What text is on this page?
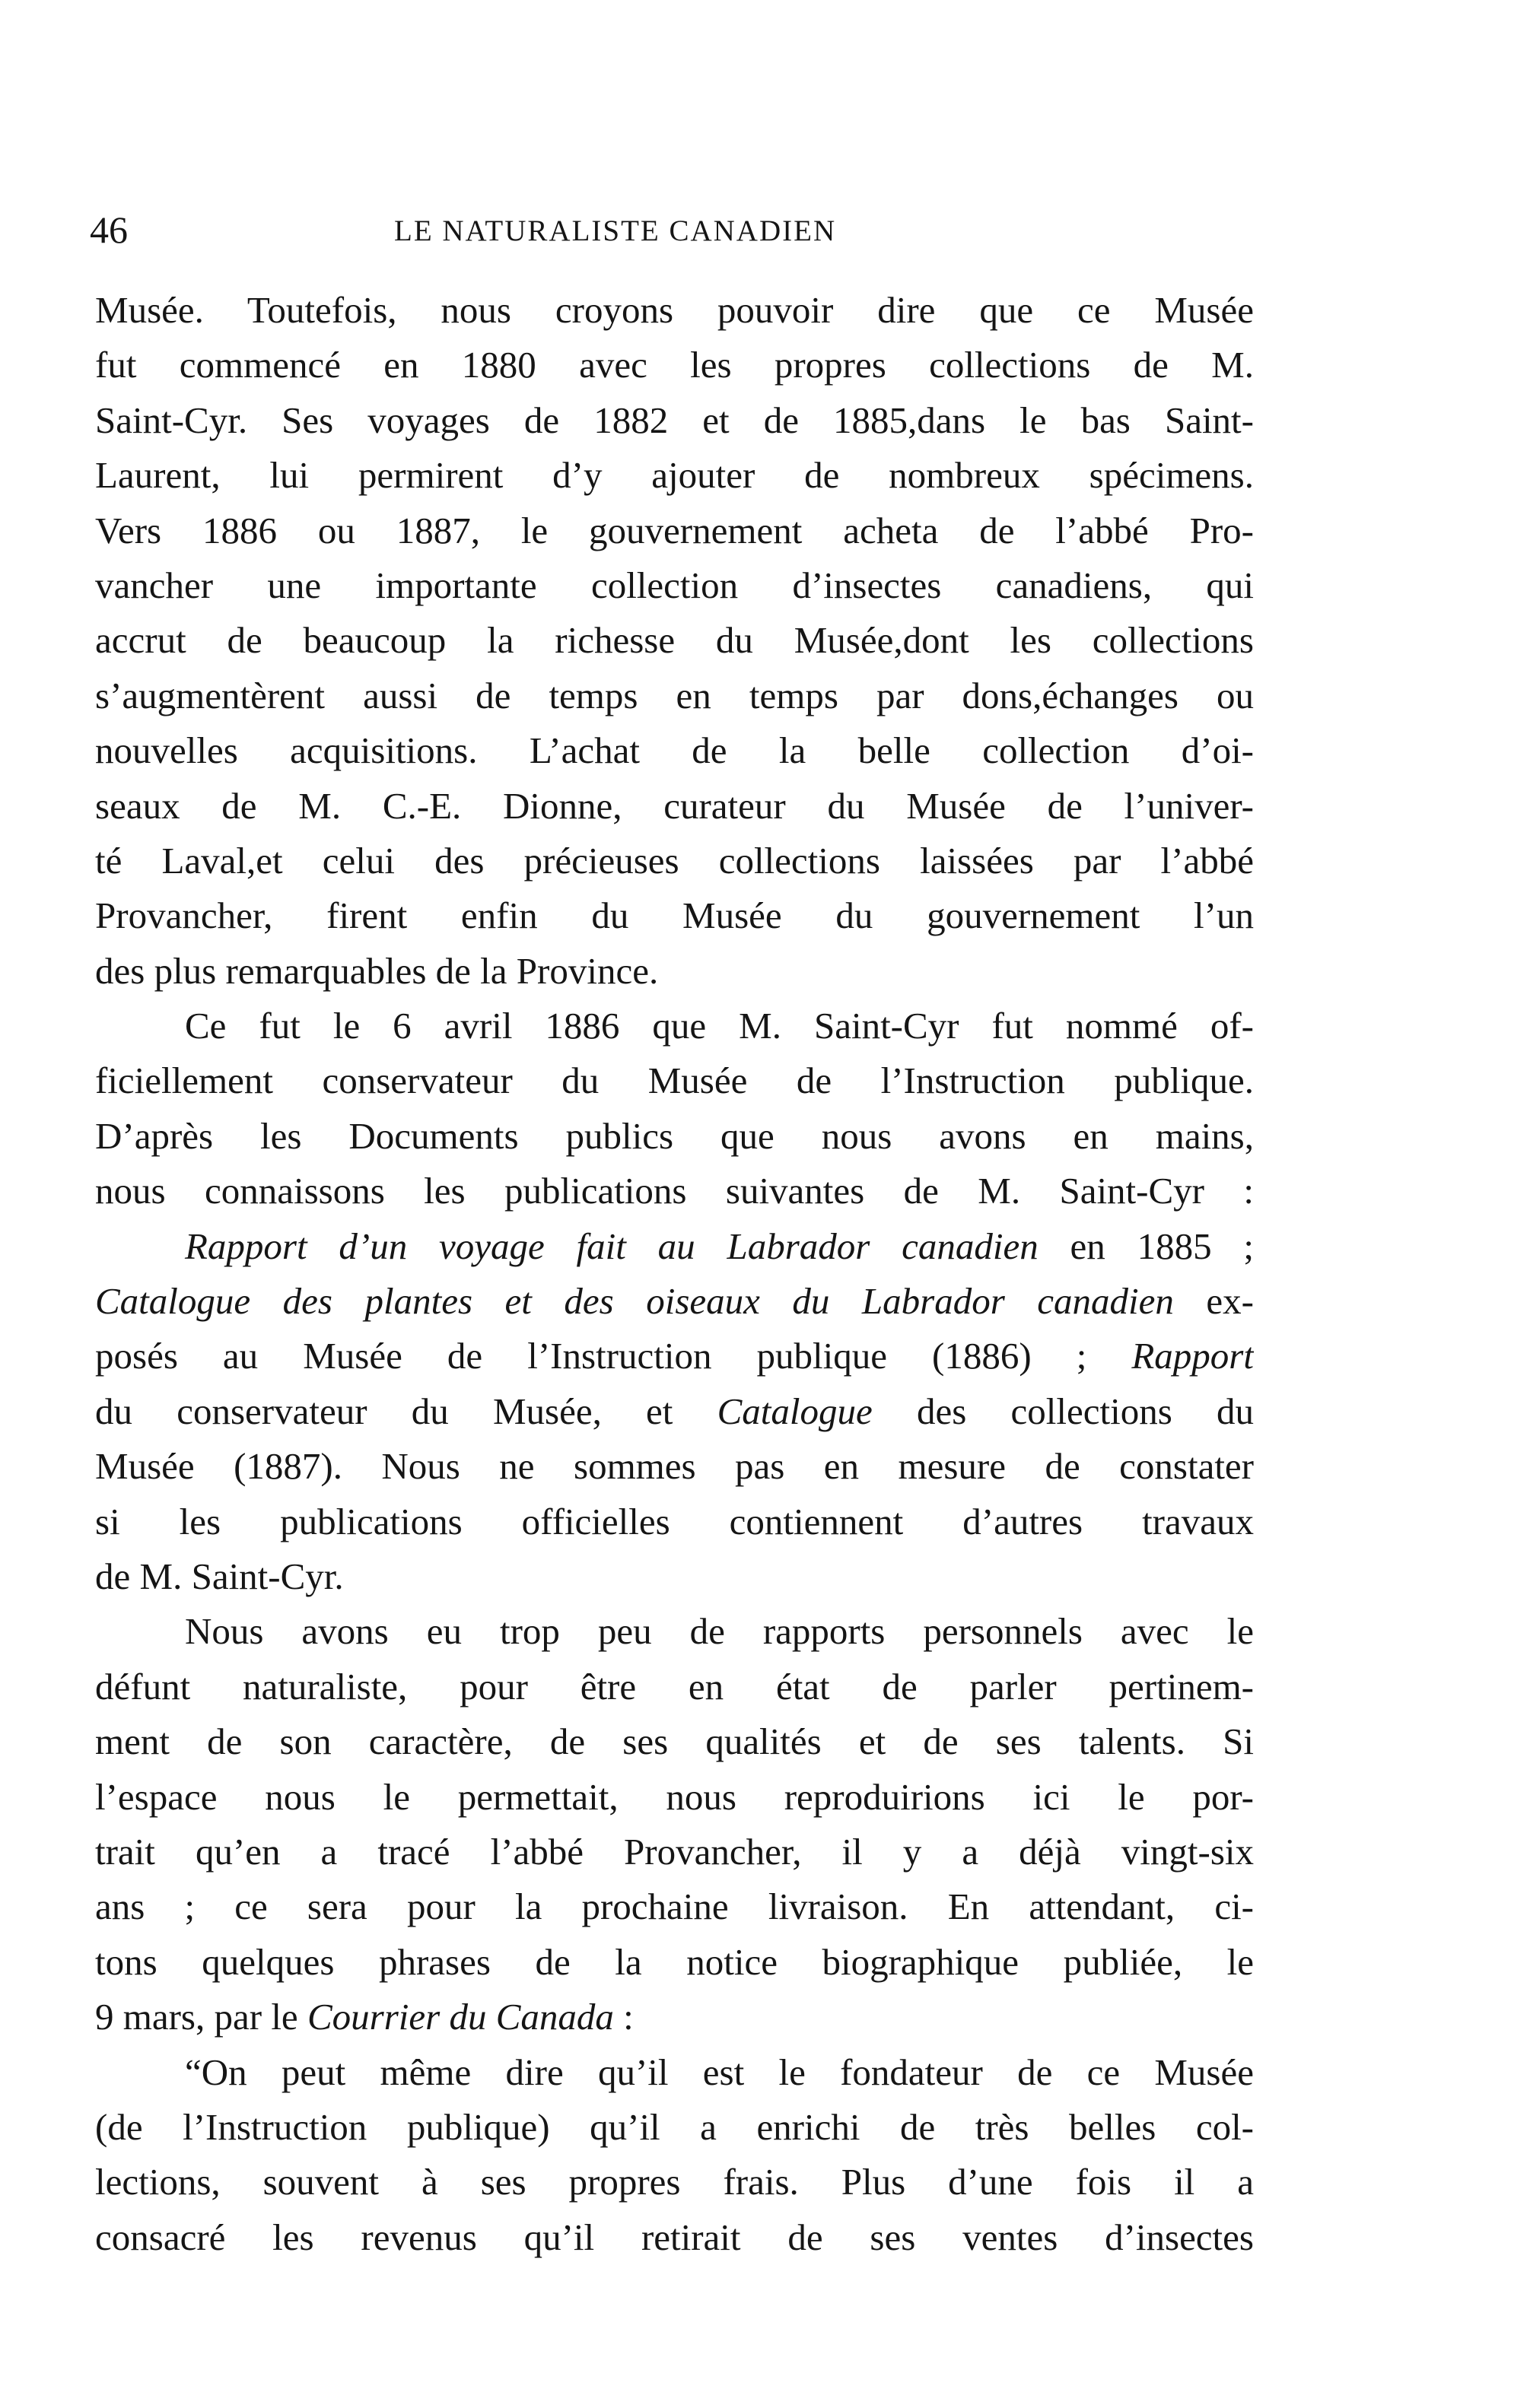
46	LE NATURALISTE CANADIEN
Musée. Toutefois, nous croyons pouvoir dire que ce Musée
fut commencé en 1880 avec les propres collections de M.
Saint-Cyr. Ses voyages de 1882 et de 1885,dans le bas Saint-
Laurent, lui permirent d’y ajouter de nombreux spécimens.
Vers 1886 ou 1887, le gouvernement acheta de l’abbé Pro-
vancher une importante collection d’insectes canadiens, qui
accrut de beaucoup la richesse du Musée,dont les collections
s’augmentèrent aussi de temps en temps par dons,échanges ou
nouvelles acquisitions. L’achat de la belle collection d’oi-
seaux de M. C.-E. Dionne, curateur du Musée de l’univer-
té Laval,et celui des précieuses collections laissées par l’abbé
Provancher, firent enfin du Musée du gouvernement l’un
des plus remarquables de la Province.
Ce fut le 6 avril 1886 que M. Saint-Cyr fut nommé of-
ficiellement conservateur du Musée de l’Instruction publique.
D’après les Documents publics que nous avons en mains,
nous connaissons les publications suivantes de M. Saint-Cyr :
Rapport d’un voyage fait au Labrador canadien en 1885 ;
Catalogue des plantes et des oiseaux du Labrador canadien ex-
posés au Musée de l’Instruction publique (1886) ; Rapport
du conservateur du Musée, et Catalogue des collections du
Musée (1887). Nous ne sommes pas en mesure de constater
si les publications officielles contiennent d’autres travaux
de M. Saint-Cyr.
Nous avons eu trop peu de rapports personnels avec le
défunt naturaliste, pour être en état de parler pertinem-
ment de son caractère, de ses qualités et de ses talents. Si
l’espace nous le permettait, nous reproduirions ici le por-
trait qu’en a tracé l’abbé Provancher, il y a déjà vingt-six
ans ; ce sera pour la prochaine livraison. En attendant, ci-
tons quelques phrases de la notice biographique publiée, le
9 mars, par le Courrier du Canada :
“On peut même dire qu’il est le fondateur de ce Musée
(de l’Instruction publique) qu’il a enrichi de très belles col-
lections, souvent à ses propres frais. Plus d’une fois il a
consacré les revenus qu’il retirait de ses ventes d’insectes
